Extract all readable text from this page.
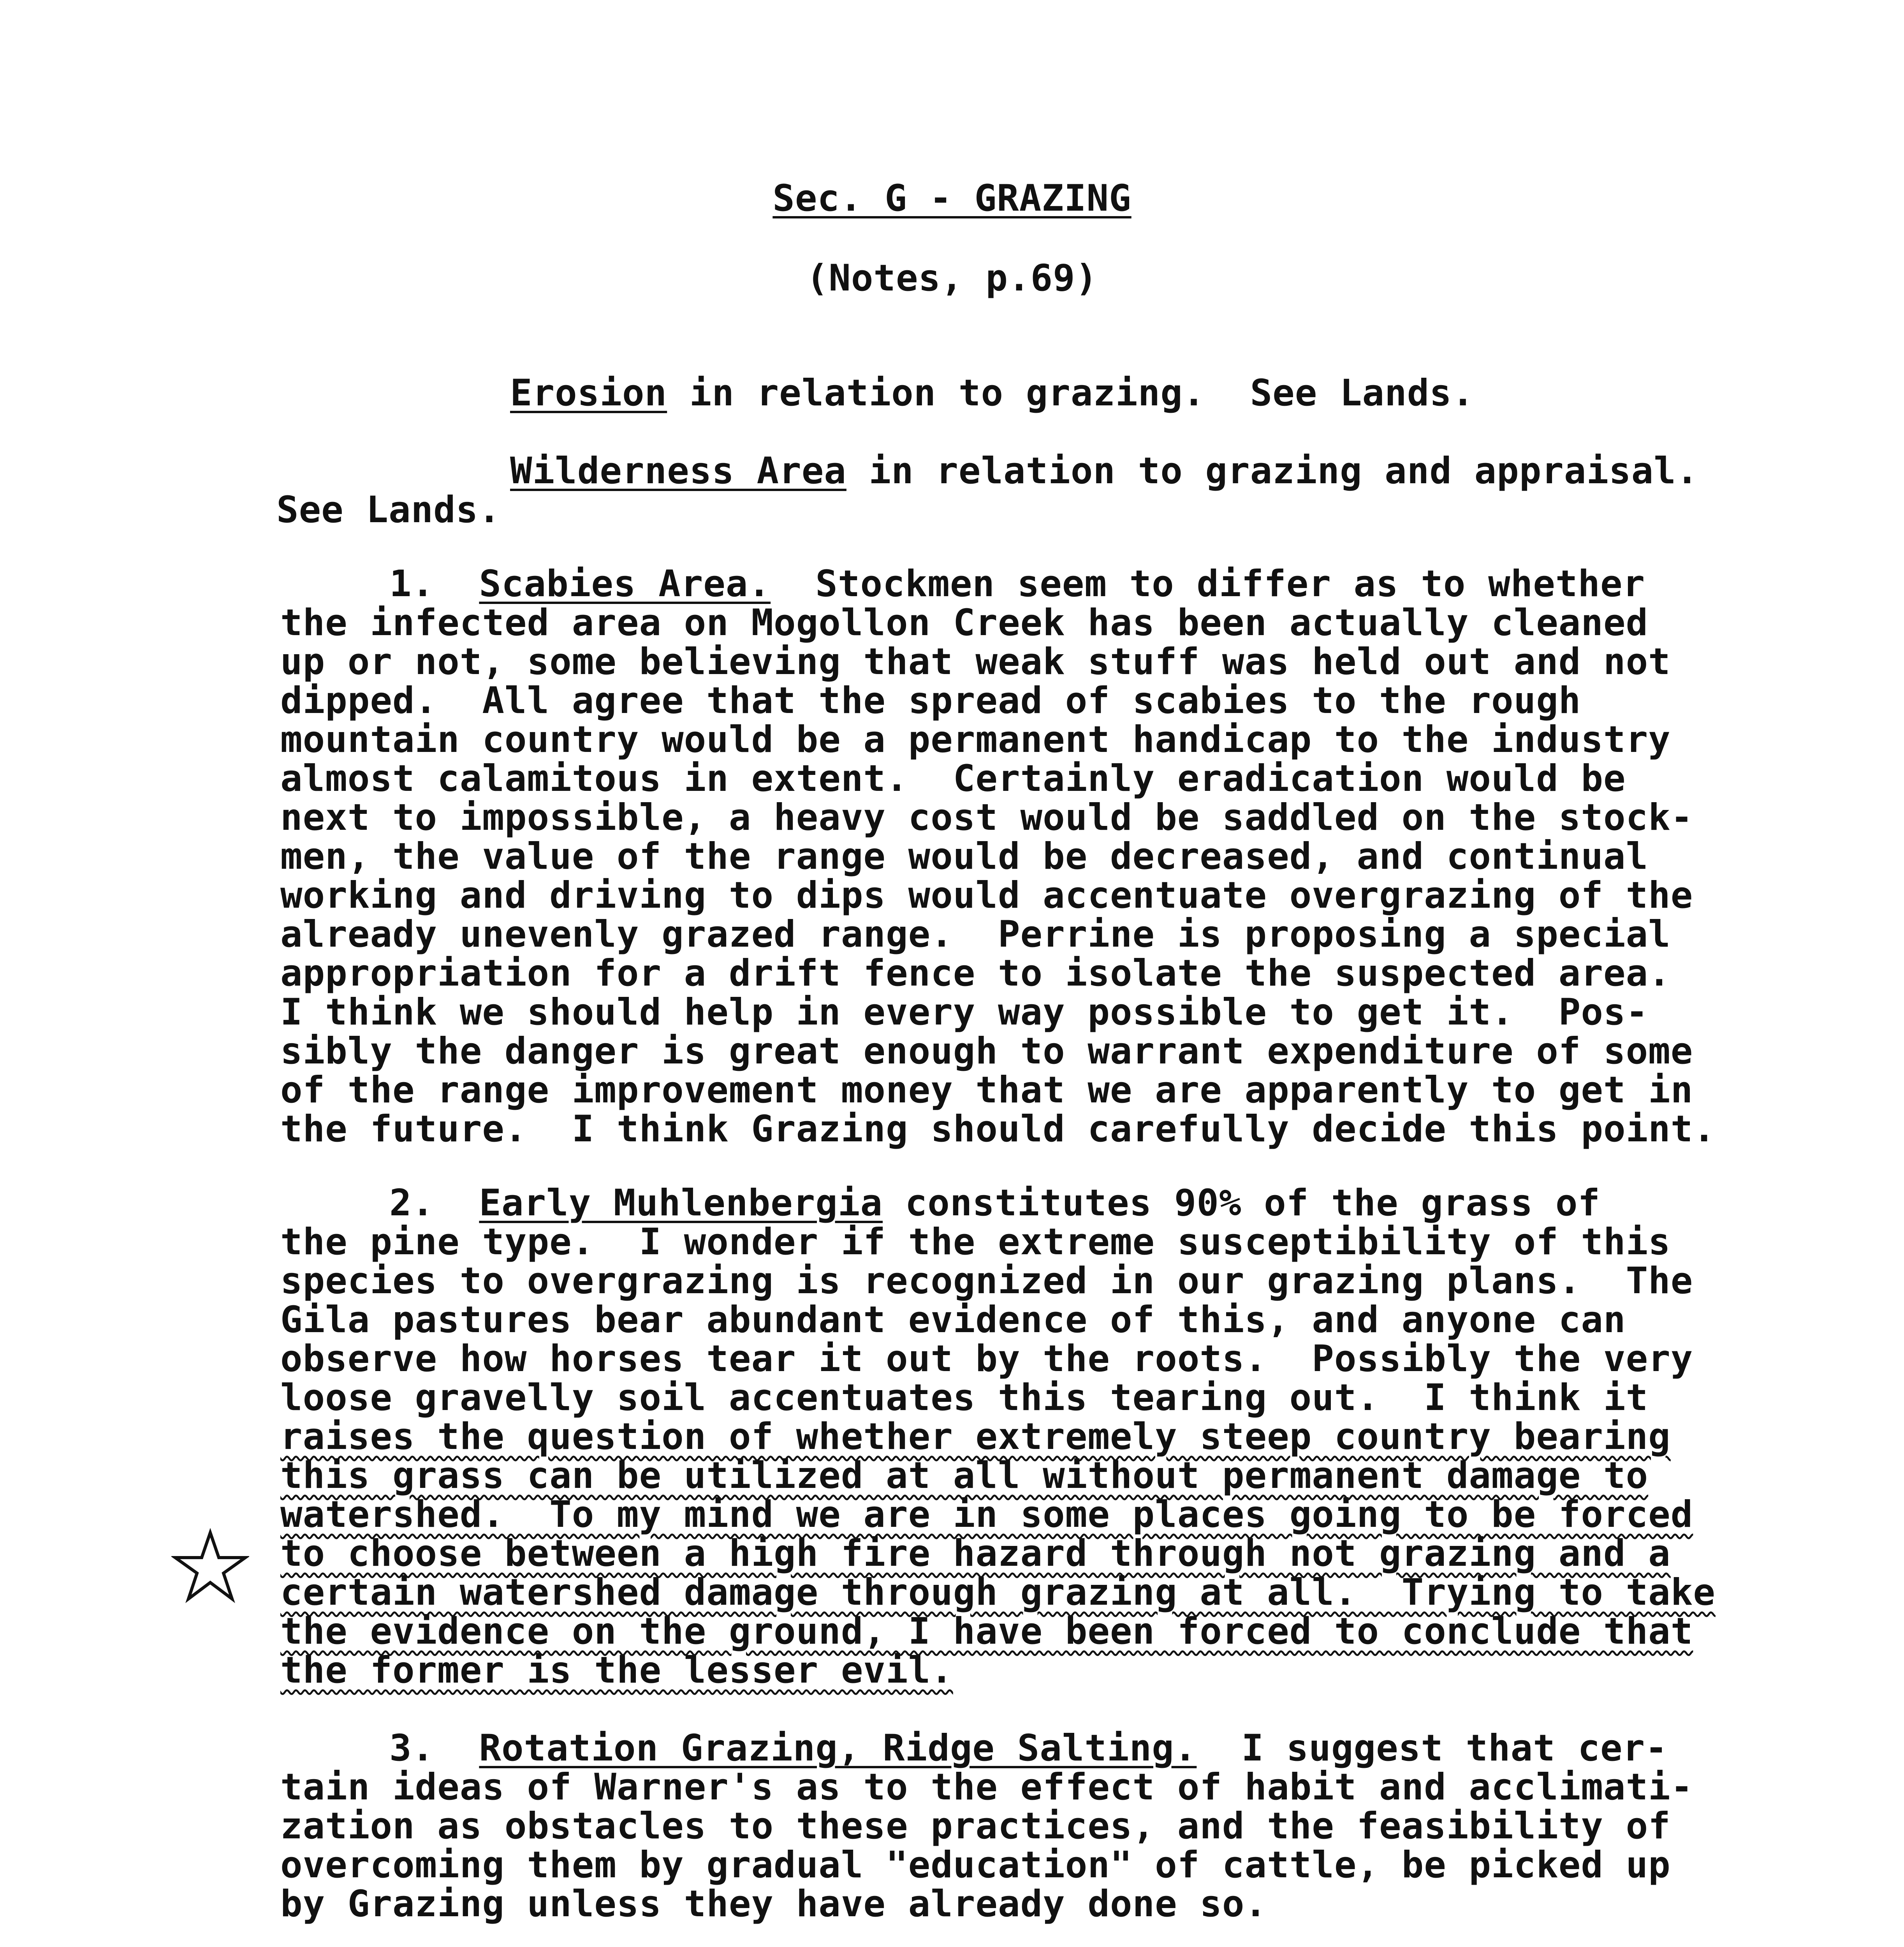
Sec. G - GRAZING
(Notes, p.69)
Erosion in relation to grazing.  See Lands.
Wilderness Area in relation to grazing and appraisal.
See Lands.
1. Scabies Area.  Stockmen seem to differ as to whether
the infected area on Mogollon Creek has been actually cleaned
up or not, some believing that weak stuff was held out and not
dipped.  All agree that the spread of scabies to the rough
mountain country would be a permanent handicap to the industry
almost calamitous in extent.  Certainly eradication would be
next to impossible, a heavy cost would be saddled on the stock-
men, the value of the range would be decreased, and continual
working and driving to dips would accentuate overgrazing of the
already unevenly grazed range.  Perrine is proposing a special
appropriation for a drift fence to isolate the suspected area.
I think we should help in every way possible to get it.  Pos-
sibly the danger is great enough to warrant expenditure of some
of the range improvement money that we are apparently to get in
the future.  I think Grazing should carefully decide this point.
2. Early Muhlenbergia constitutes 90% of the grass of
the pine type.  I wonder if the extreme susceptibility of this
species to overgrazing is recognized in our grazing plans.  The
Gila pastures bear abundant evidence of this, and anyone can
observe how horses tear it out by the roots.  Possibly the very
loose gravelly soil accentuates this tearing out.  I think it
raises the question of whether extremely steep country bearing
this grass can be utilized at all without permanent damage to
watershed.  To my mind we are in some places going to be forced
to choose between a high fire hazard through not grazing and a
certain watershed damage through grazing at all.  Trying to take
the evidence on the ground, I have been forced to conclude that
the former is the lesser evil.
3. Rotation Grazing, Ridge Salting.  I suggest that cer-
tain ideas of Warner's as to the effect of habit and acclimati-
zation as obstacles to these practices, and the feasibility of
overcoming them by gradual "education" of cattle, be picked up
by Grazing unless they have already done so.
